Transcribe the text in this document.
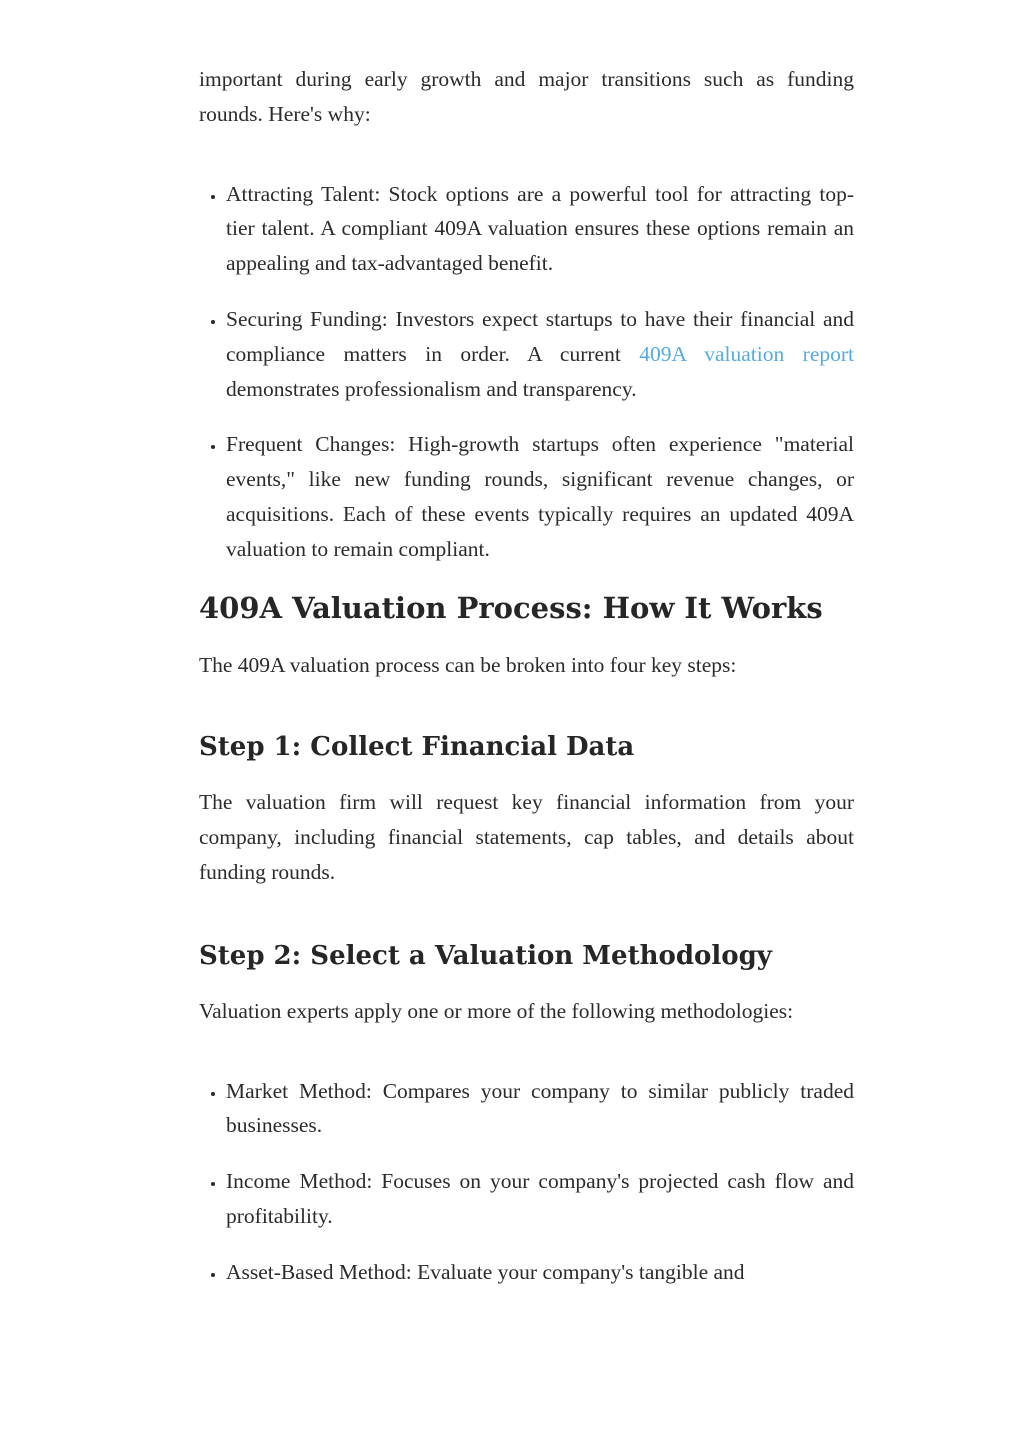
important during early growth and major transitions such as funding rounds. Here's why:

• Attracting Talent: Stock options are a powerful tool for attracting top-tier talent. A compliant 409A valuation ensures these options remain an appealing and tax-advantaged benefit.
• Securing Funding: Investors expect startups to have their financial and compliance matters in order. A current 409A valuation report demonstrates professionalism and transparency.
• Frequent Changes: High-growth startups often experience "material events," like new funding rounds, significant revenue changes, or acquisitions. Each of these events typically requires an updated 409A valuation to remain compliant.
409A Valuation Process: How It Works

The 409A valuation process can be broken into four key steps:

Step 1: Collect Financial Data

The valuation firm will request key financial information from your company, including financial statements, cap tables, and details about funding rounds.

Step 2: Select a Valuation Methodology

Valuation experts apply one or more of the following methodologies:

• Market Method: Compares your company to similar publicly traded businesses.
• Income Method: Focuses on your company's projected cash flow and profitability.
• Asset-Based Method: Evaluate your company's tangible and
